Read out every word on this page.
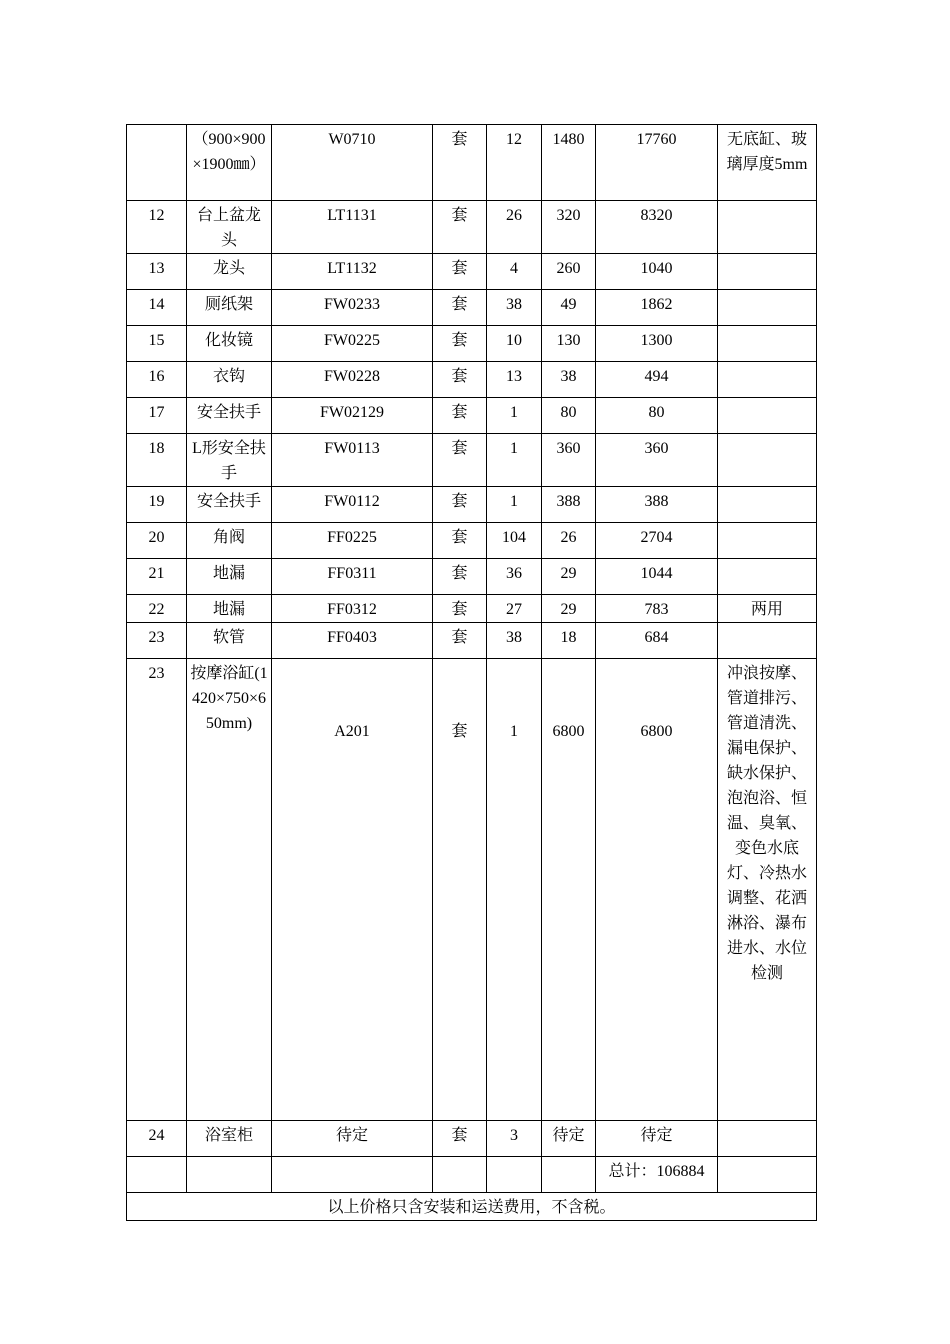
	（900×900×1900㎜）	W0710	套	12	1480	17760	无底缸、玻璃厚度5mm
12	台上盆龙头	LT1131	套	26	320	8320	
13	龙头	LT1132	套	4	260	1040	
14	厕纸架	FW0233	套	38	49	1862	
15	化妆镜	FW0225	套	10	130	1300	
16	衣钩	FW0228	套	13	38	494	
17	安全扶手	FW02129	套	1	80	80	
18	L形安全扶手	FW0113	套	1	360	360	
19	安全扶手	FW0112	套	1	388	388	
20	角阀	FF0225	套	104	26	2704	
21	地漏	FF0311	套	36	29	1044	
22	地漏	FF0312	套	27	29	783	两用
23	软管	FF0403	套	38	18	684	
23	按摩浴缸(1420×750×650mm)	A201	套	1	6800	6800	冲浪按摩、管道排污、管道清洗、漏电保护、缺水保护、泡泡浴、恒温、臭氧、变色水底灯、冷热水调整、花洒淋浴、瀑布进水、水位检测
24	浴室柜	待定	套	3	待定	待定	
						总计：106884	
以上价格只含安装和运送费用，不含税。							
